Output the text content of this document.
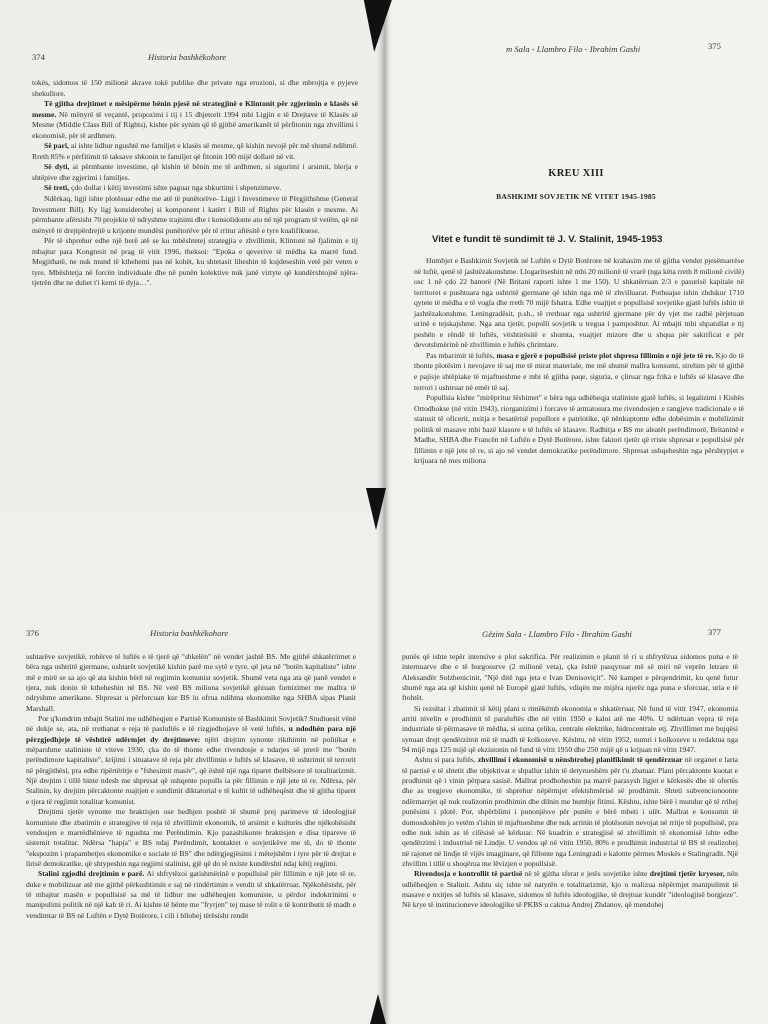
374	Historia bashkëkohore

tokës, sidomos të 150 milionë akrave tokë publike dhe private nga erozioni, si dhe mbrojtja e pyjeve shekullore.

Të gjitha drejtimet e mësipërme bënin pjesë në strategjinë e Klintonit për zgjerimin e klasës së mesme. Në mënyrë të veçantë, propozimi i tij i 15 dhjetorit 1994 mbi Ligjin e të Drejtave të Klasës së Mesme (Middle Class Bill of Rights), kishte për synim që të gjithë amerikanët të përfitonin nga zhvillimi i ekonomisë, për të ardhmen.

Së pari, ai ishte lidhur ngushtë me familjet e klasës së mesme, që kishin nevojë për më shumë ndihmë. Rreth 85% e përfitimit të taksave shkonin te familjet që fitonin 100 mijë dollarë në vit.

Së dyti, ai përmbante investime, që kishin të bënin me të ardhmen, si sigurimi i arsimit, blerja e shtëpive dhe zgjerimi i familjes.

Së treti, çdo dollar i këtij investimi ishte paguar nga shkurtimi i shpenzimeve.

Ndërkaq, ligji ishte plotësuar edhe me atë të punëtorëve- Ligji i Investimeve të Përgjithshme (General Investment Bill). Ky ligj konsiderohej si komponent i katërt i Bill of Rights për klasën e mesme. Ai përmbante afërsisht 70 projekte të ndryshme trajnimi dhe i konsolidonte ato në një program të vetëm, që në mënyrë të drejtpërdrejtë u krijonte mundësi punëtorëve për të rritur aftësitë e tyre kualifikuese.

Për të shprehur edhe një herë atë se ku mbështetej strategjia e zhvillimit, Klintoni në fjalimin e tij mbajtur para Kongresit në prag të vitit 1996, theksoi: "Epoka e qeverive të mëdha ka marrë fund. Megjithatë, ne nuk mund të kthehemi pas në kohët, ku shtetasit liheshin të kujdeseshin vetë për veten e tyre. Mbështetja në forcën individuale dhe në punën kolektive nuk janë virtyte që kundërshtojnë njëra-tjetrën dhe ne duhet t'i kemi të dyja…".

m Sala - Llambro Filo - Ibrahim Gashi	375
KREU XIII
BASHKIMI SOVJETIK NË VITET 1945-1985
Vitet e fundit të sundimit të J. V. Stalinit, 1945-1953

Humbjet e Bashkimit Sovjetik në Luftën e Dytë Botërore në krahasim me të gjitha vendet pjesëmarrëse në luftë, qenë të jashtëzakonshme. Llogaritseshin në mbi 20 milionë të vrarë (nga këta rreth 8 milionë civilë) osc 1 në çdo 22 banorë (Në Britani raporti ishte 1 me 150). U shkatërruan 2/3 e pasurisë kapitale në territoret e pushtuara nga ushtritë gjermane që ishin nga më të zhvilluarat. Pothuajse ishin zhdukur 1710 qytete të mëdha e të vogla dhe rreth 70 mijë fshatra. Edhe vuajtjet e popullsisë sovjetike gjatë luftës ishin të jashtëzakonshme. Leningradësit, p.sh., të rrethuar nga ushtritë gjermane për dy vjet me radhë përjetuan urinë e tejskajshme. Nga ana tjetër, populli sovjetik u tregua i pamposhtur. Ai mbajti mbi shpatullat e tij peshën e rëndë të luftës, vështirësitë e shumta, vuajtjet mizore dhe u shqua për sakrificat e për devotshmërinë në zhvillimin e luftës çlirimtare.

Pas mbarimit të luftës, masa e gjerë e popullsisë priste plot shpresa fillimin e një jete të re. Kjo do të thonte plotësim i nevojave të saj me të mirat materiale, me më shumë mallra konsumi, strehim për të gjithë e pajisje shtëpiake të mjaftueshme e mbi të gjitha paqe, siguria, e çliruar nga frika e luftës së klasave dhe terrori i ushtruar në emër të saj.

Popullsia kishte "mirëpritur lëshimet" e bëra nga udhëheqja staliniste gjatë luftës, si legalizimi i Kishës Ortodhokse (në vitin 1943), riorganizimi i forcave të armatosura me rivendosjen e rangjeve tradicionale e të statusit të oficerit, nxitja e besatërisë popullore e patriotike, që nënkuptonte edhe dobësimin e mobilizimit politik të masave mbi bazë klasore e të luftës së klasave. Radhitja e BS me aleatët perëndimorë, Britaninë e Madhe, SHBA dhe Francën në Luftën e Dytë Botërore, ishte faktori tjetër që rriste shpresat e popullsisë për fillimin e një jete të re, si ajo në vendet demokratike perëndimore. Shpresat ushqeheshin nga përshtypjet e krijuara në mes miliona

376	Historia bashkëkohore

ushtarëve sovjetikë, robërve të luftës e të tjerë që "shkelën" në vendet jashtë BS. Me gjithë shkatërrimet e bëra nga ushtritë gjermane, ushtarët sovjetikë kishin parë me sytë e tyre, që jeta në "botën kapitaliste" ishte më e mirë se sa ajo që ata kishin bërë në regjimin komunist sovjetik. Shumë veta nga ata që panë vendet e tjera, nuk donin të ktheheshin në BS. Në vetë BS miliona sovjetikë gëzuan furnizimet me mallra të ndryshme amerikane. Shpresat u përforcuan kur BS iu ofrua ndihma ekonomike nga SHBA sipas Planit Marshall.

Por q'kundrim mbajti Stalini me udhëheqjen e Partisë Komuniste të Bashkimit Sovjetik? Studiuesit vënë në dukje se, ata, në rrethanat e reja të pasluftës e të rizgjedhojave të vetë luftës, u ndodhën para një përzgjedhjeje të vështirë ndërmjet dy drejtimeve: njëri drejtim synonte rikthimin në politikat e mëparshme staliniste të viteve 1930, çka do të thonte edhe rivendosje e ndarjes së prerë me "botën perëndimore kapitaliste", krijimi i situatave të reja për zhvillimin e luftës së klasave, të ushtrimit të terrorit në përgjithësi, pra edhe ripërtëritje e "fshesimit masiv", që është një nga tiparet thelbësore të totalitarizmit. Një drejtim i tillë binte ndesh me shpresat që ushqente populls ia për fillimin e një jete të re. Ndërsa, për Stalinin, ky drejtim përcaktonte ruajtjen e sundimit diktatorial e të kultit të udhëheqësit dhe të gjitha tiparet e tjera të regjimit totalitar komunist.

Drejtimi tjetër synonte me braktisjen ose hedhjen poshtë të shumë prej parimeve të ideologjisë komuniste dhe zbatimin e strategjive të reja të zhvillimit ekonomik, të arsimit e kulturës dhe njëkohësisht vendosjen e marrëdhënieve të ngushta me Perëndimin. Kjo pazashikonte braktisjen e disa tipareve të sistemit totalitar. Ndërsa "hapja" e BS ndaj Perëndimit, kontaktet e sovjetikëve me të, do të thonte "ekspozim i prapambetjes ekonomike e sociale të BS" dhe ndërgjegjësimi i mëtejshëm i tyre për të drejtat e lirisë demokratike, që shtypeshin nga regjimi stalinist, gjë që do të nxiste kundërshti ndaj këtij regjimi.

Stalini zgjodhi drejtimin e parë. Ai shfrytëzoi gatishmërinë e popullsisë për fillimin e një jete të re, duke e mobilizuar atë me gjithë përkushtimin e saj në rindërtimin e vendit të shkatërruar. Njëkohësisht, për të mbajtur masën e popullsisë sa më të lidhur me udhëheqjen komuniste, u përdor indoktrinimi e manipulimi politik në një kah të ri. Ai kishte të bënte me "fryrjen" tej mase të rolit e të kontributit të madh e vendimtar të BS në Luftën e Dytë Botërore, i cili i bllohej tërësisht rendit

Gëzim Sala - Llambro Filo - Ibrahim Gashi	377

punës që ishte tepër intensive e plot sakrifica. Për realizimin e planit të ri u shfrytëzua sidomos puna e të internuarve dhe e të burgosurve (2 milionë veta), çka është pasqyruar më së miri në veprën letrare të Aleksandër Solzhenicinit, "Një ditë nga jeta e Ivan Denisoviçit". Në kampet e përqendrimit, ku qenë futur shumë nga ata që kishin qenë në Europë gjatë luftës, vdiqën me mijëra njerëz nga puna e sforcuar, uria e të ftohtët.

Si rezultat i zbatimit të këtij plani u rimëkëmb ekonomia e shkatërruar. Në fund të vitit 1947, ekonomia arriti nivelin e prodhimit të paraluftës dhe në vitin 1950 e kaloi atë me 40%. U ndërtuan vepra të reja industriale të përmasave të mëdha, si uzina çeliku, centrale elektrike, hidrocentrale etj. Zhvillimet me bujqësi synuan drejt qendërzimit më të madh të kolkozeve. Kështu, në vitin 1952, numri i kolkozeve u redaktua nga 94 mijë nga 125 mijë që ekzistonin në fund të vitit 1950 dhe 250 mijë që u krijuan në vitin 1947.

Ashtu si para luftës, zhvillimi i ekonomisë u nënshtrohej planifikimit të qendërzuar në organet e larta të partisë e të shtetit dhe objektivat e shpallur ishin të detyrueshëm për t'u zbatuar. Plani përcaktonte kuotat e prodhimit që i vinin përpara sasisë. Mallrat prodhoheshin pa marrë parasysh ligjet e kërkesës dhe të ofertës dhe as tregjeve ekonomike, të shprehur nëpërmjet efektshmërisë së prodhimit. Shteti subvencionoonte ndërmarrjet që nuk realizonin prodhimin dhe dilnin me humbje fitimi. Kështu, ishte bërë i mundur që të rrihej punësimi i plotë. Por, shpërblimi i punonjësve për punën e bërë mbeti i ulët. Mallrat e konsumit të domosdoshëm jo vetëm s'ishin të mjaftueshme dhe nuk arrinin të plotësonin nevojat në rritje të popullsisë, pra edhe nuk ishin as të cilësisë së kërkuar. Në kuadrin e strategjisë së zhvillimit të ekonomisë ishte edhe qendërzimi i industrisë në Lindje. U vendos që në vitin 1950, 80% e prodhimit industrial të BS të realizohej në rajonet në lindje të vijës imagjinare, që fillonte nga Leningradi e kalonte përmes Moskës e Stalingradit. Një zhvillim i tillë u shoqërua me lëvizjen e popullsisë.

Rivendosja e kontrollit të partisë në të gjitha sferat e jetës sovjetike ishte drejtimi tjetër kryesor, nën udhëheqjen e Stalinit. Ashtu siç ishte në natyrën e totalitarizmit, kjo u realizua nëpërmjet manipulimit të masave e nxitjes së luftës së klasave, sidomos të luftës ideologjike, të drejtuar kundër "ideologjisë borgjeze". Në krye të institucioneve ideologjike të PKBS u caktua Andrej Zhdanov, që mendohej
